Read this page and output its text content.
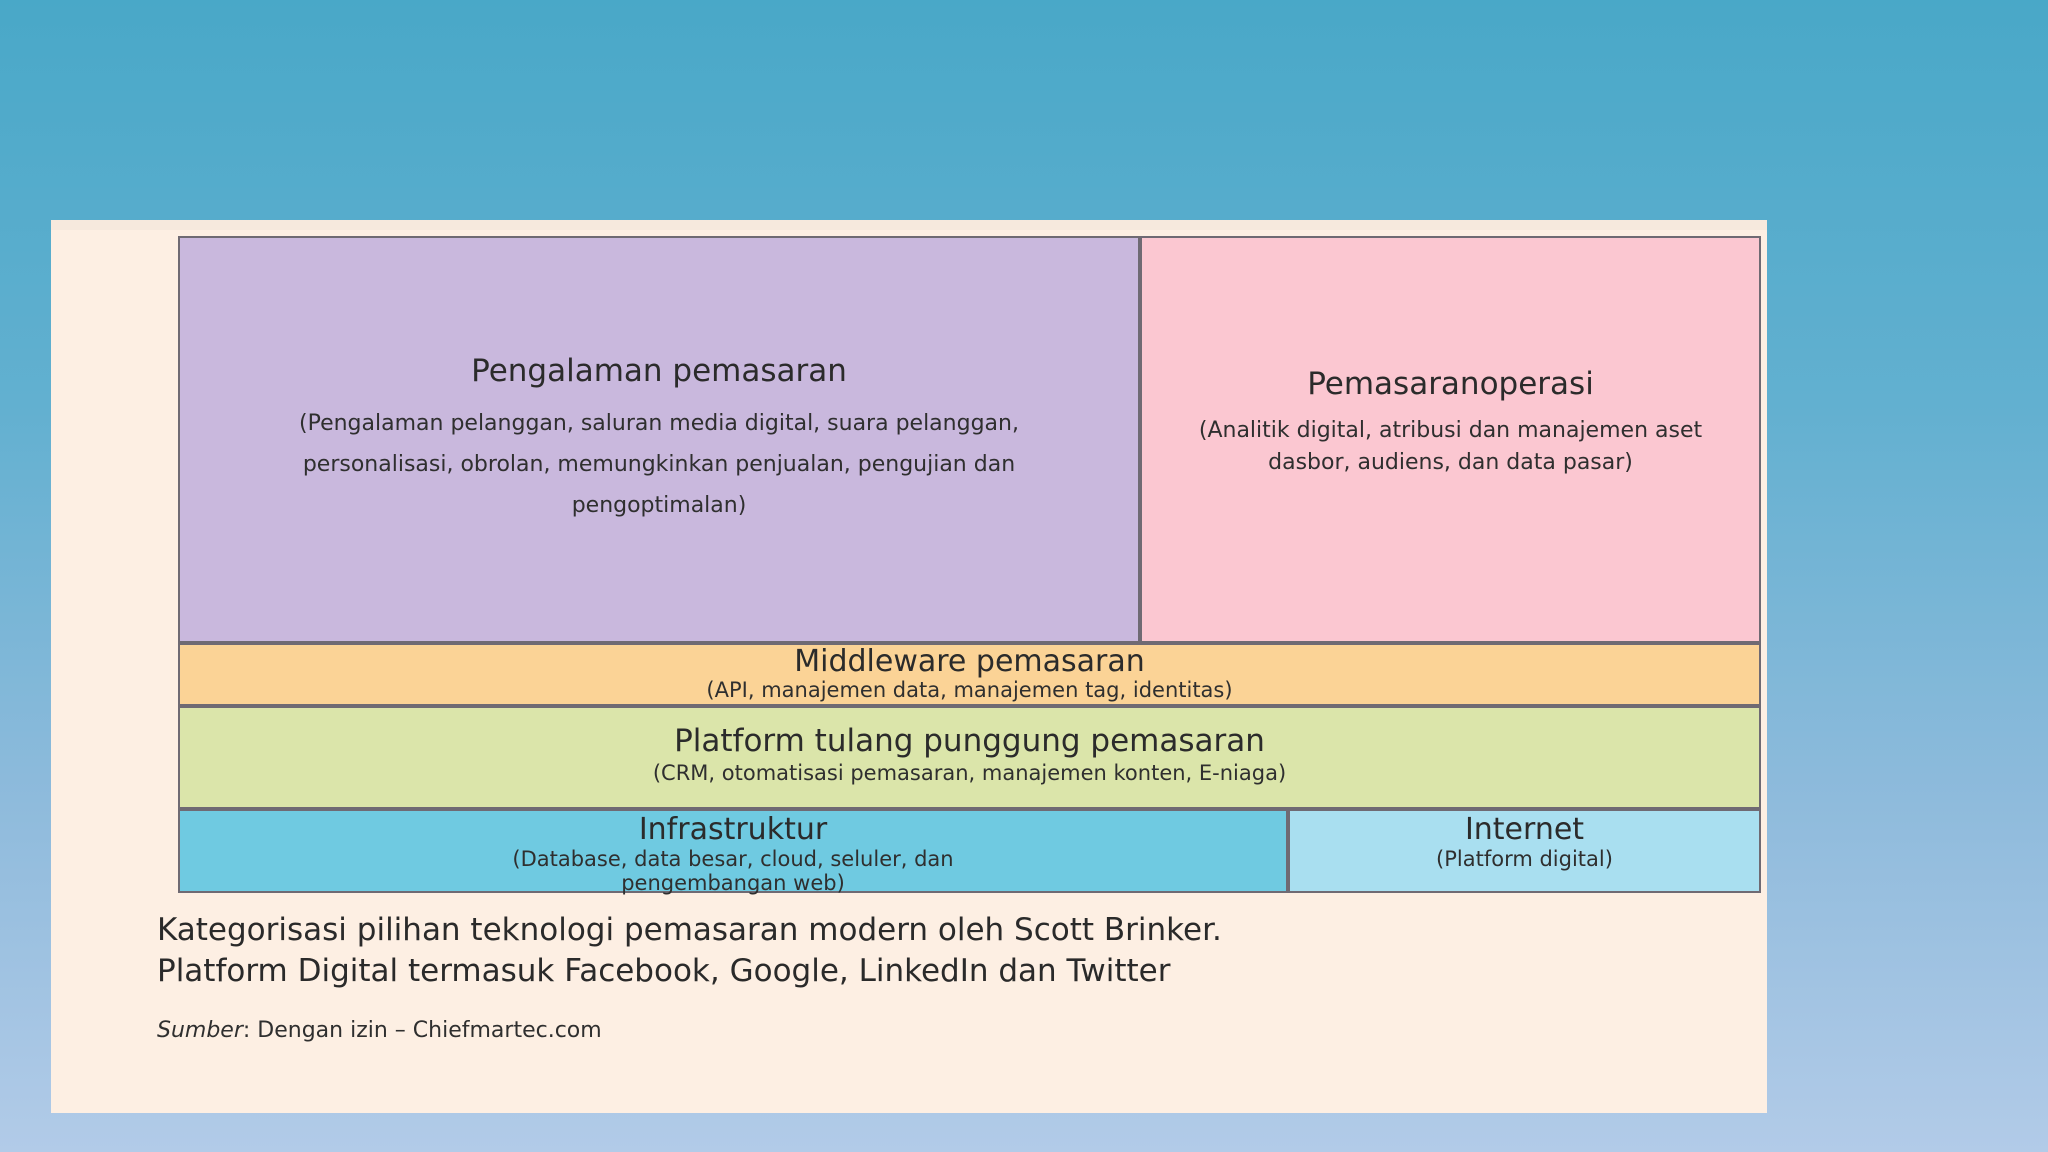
Pengalaman pemasaran
(Pengalaman pelanggan, saluran media digital, suara pelanggan, personalisasi, obrolan, memungkinkan penjualan, pengujian dan pengoptimalan)
Pemasaranoperasi
(Analitik digital, atribusi dan manajemen aset dasbor, audiens, dan data pasar)
Middleware pemasaran
(API, manajemen data, manajemen tag, identitas)
Platform tulang punggung pemasaran
(CRM, otomatisasi pemasaran, manajemen konten, E-niaga)
Infrastruktur
(Database, data besar, cloud, seluler, dan pengembangan web)
Internet
(Platform digital)

Kategorisasi pilihan teknologi pemasaran modern oleh Scott Brinker.
Platform Digital termasuk Facebook, Google, LinkedIn dan Twitter

Sumber: Dengan izin – Chiefmartec.com
